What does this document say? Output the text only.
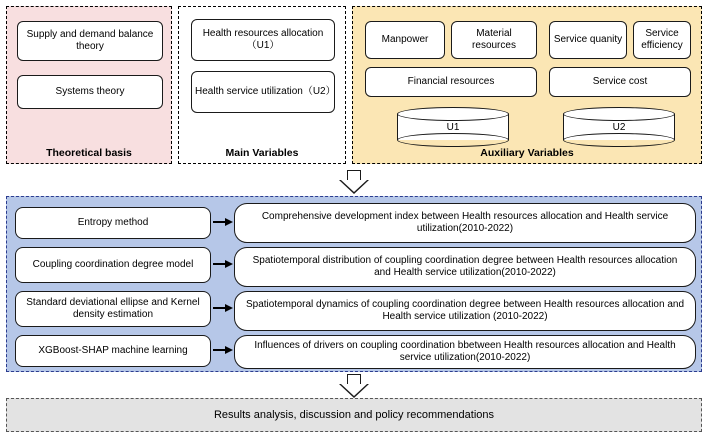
Supply and demand balance theory
Systems theory
Theoretical basis
Health resources allocation（U1）
Health service utilization（U2）
Main Variables
Manpower
Material resources
Service quanity
Service efficiency
Financial resources	Service cost
U1	U2
Auxiliary Variables
Entropy method
Comprehensive development index between Health resources allocation and Health service utilization(2010-2022)
Coupling coordination degree model	Spatiotemporal distribution of coupling coordination degree between Health resources allocation and Health service utilization(2010-2022)
Standard deviational ellipse and Kernel density estimation
Spatiotemporal dynamics of coupling coordination degree between Health resources allocation and Health service utilization (2010-2022)
XGBoost-SHAP machine learning	Influences of drivers on coupling coordination bbetween Health resources allocation and Health service utilization(2010-2022)
Results analysis, discussion and policy recommendations
